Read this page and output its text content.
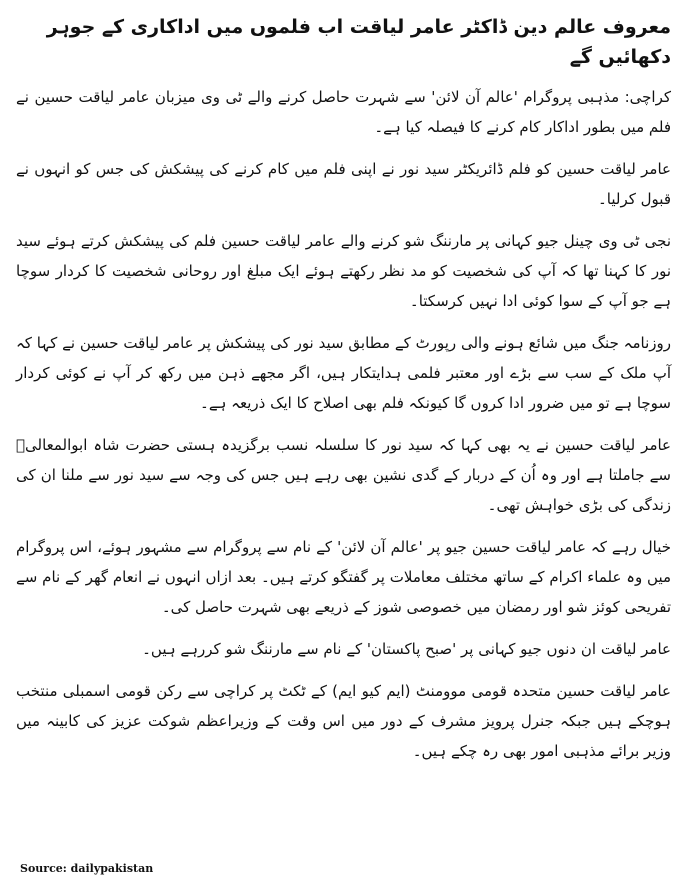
معروف عالم دین ڈاکٹر عامر لیاقت اب فلموں میں اداکاری کے جوہر دکھائیں گے

کراچی: مذہبی پروگرام 'عالم آن لائن' سے شہرت حاصل کرنے والے ٹی وی میزبان عامر لیاقت حسین نے فلم میں بطور اداکار کام کرنے کا فیصلہ کیا ہے۔

عامر لیاقت حسین کو فلم ڈائریکٹر سید نور نے اپنی فلم میں کام کرنے کی پیشکش کی جس کو انہوں نے قبول کرلیا۔

نجی ٹی وی چینل جیو کہانی پر مارننگ شو کرنے والے عامر لیاقت حسین فلم کی پیشکش کرتے ہوئے سید نور کا کہنا تھا کہ آپ کی شخصیت کو مد نظر رکھتے ہوئے ایک مبلغ اور روحانی شخصیت کا کردار سوچا ہے جو آپ کے سوا کوئی ادا نہیں کرسکتا۔

روزنامہ جنگ میں شائع ہونے والی رپورٹ کے مطابق سید نور کی پیشکش پر عامر لیاقت حسین نے کہا کہ آپ ملک کے سب سے بڑے اور معتبر فلمی ہدایتکار ہیں، اگر مجھے ذہن میں رکھ کر آپ نے کوئی کردار سوچا ہے تو میں ضرور ادا کروں گا کیونکہ فلم بھی اصلاح کا ایک ذریعہ ہے۔

عامر لیاقت حسین نے یہ بھی کہا کہ سید نور کا سلسلہ نسب برگزیدہ ہستی حضرت شاہ ابوالمعالیؒ سے جاملتا ہے اور وہ اُن کے دربار کے گدی نشین بھی رہے ہیں جس کی وجہ سے سید نور سے ملنا ان کی زندگی کی بڑی خواہش تھی۔

خیال رہے کہ عامر لیاقت حسین جیو پر 'عالم آن لائن' کے نام سے پروگرام سے مشہور ہوئے، اس پروگرام میں وہ علماء اکرام کے ساتھ مختلف معاملات پر گفتگو کرتے ہیں۔ بعد ازاں انہوں نے انعام گھر کے نام سے تفریحی کوئز شو اور رمضان میں خصوصی شوز کے ذریعے بھی شہرت حاصل کی۔

عامر لیاقت ان دنوں جیو کہانی پر 'صبح پاکستان' کے نام سے مارننگ شو کررہے ہیں۔

عامر لیاقت حسین متحدہ قومی موومنٹ (ایم کیو ایم) کے ٹکٹ پر کراچی سے رکن قومی اسمبلی منتخب ہوچکے ہیں جبکہ جنرل پرویز مشرف کے دور میں اس وقت کے وزیراعظم شوکت عزیز کی کابینہ میں وزیر برائے مذہبی امور بھی رہ چکے ہیں۔

Source: dailypakistan
